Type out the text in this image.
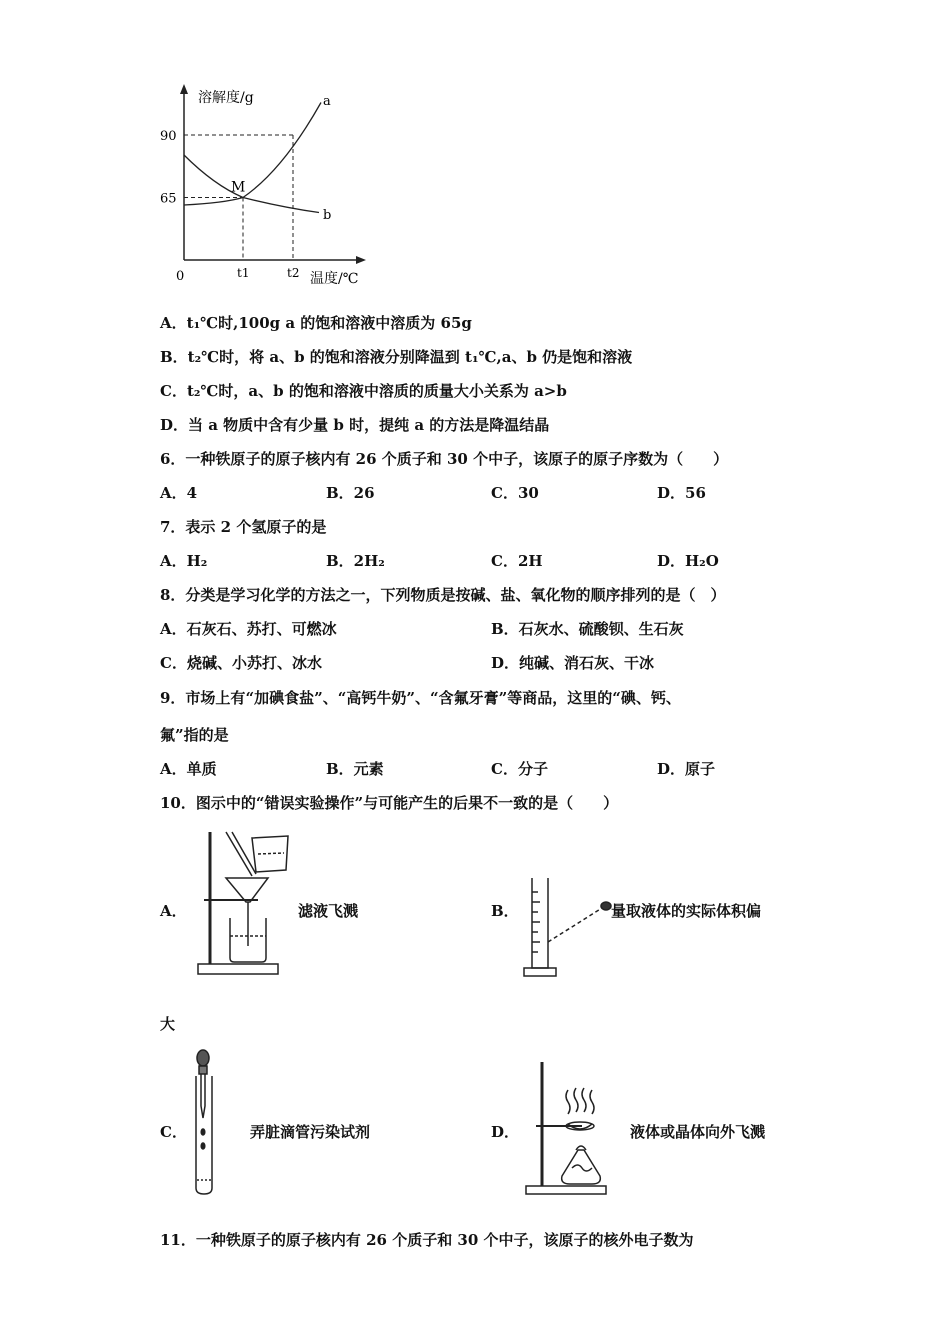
溶解度/g
温度/℃
0
90
65
t1	t2
a
b
M
A．t₁℃时,100g a 的饱和溶液中溶质为 65g
B．t₂℃时，将 a、b 的饱和溶液分别降温到 t₁℃,a、b 仍是饱和溶液
C．t₂℃时，a、b 的饱和溶液中溶质的质量大小关系为 a>b
D．当 a 物质中含有少量 b 时，提纯 a 的方法是降温结晶
6．一种铁原子的原子核内有 26 个质子和 30 个中子，该原子的原子序数为（　　）
A．4	B．26	C．30	D．56
7．表示 2 个氢原子的是
A．H₂	B．2H₂	C．2H	D．H₂O
8．分类是学习化学的方法之一，下列物质是按碱、盐、氧化物的顺序排列的是（　）
A．石灰石、苏打、可燃冰	B．石灰水、硫酸钡、生石灰
C．烧碱、小苏打、冰水	D．纯碱、消石灰、干冰
9．市场上有“加碘食盐”、“高钙牛奶”、“含氟牙膏”等商品，这里的“碘、钙、
氟”指的是
A．单质	B．元素	C．分子	D．原子
10．图示中的“错误实验操作”与可能产生的后果不一致的是（　　）
A．	滤液飞溅	B．	量取液体的实际体积偏
大
C．	弄脏滴管污染试剂	D．	液体或晶体向外飞溅
11．一种铁原子的原子核内有 26 个质子和 30 个中子，该原子的核外电子数为
